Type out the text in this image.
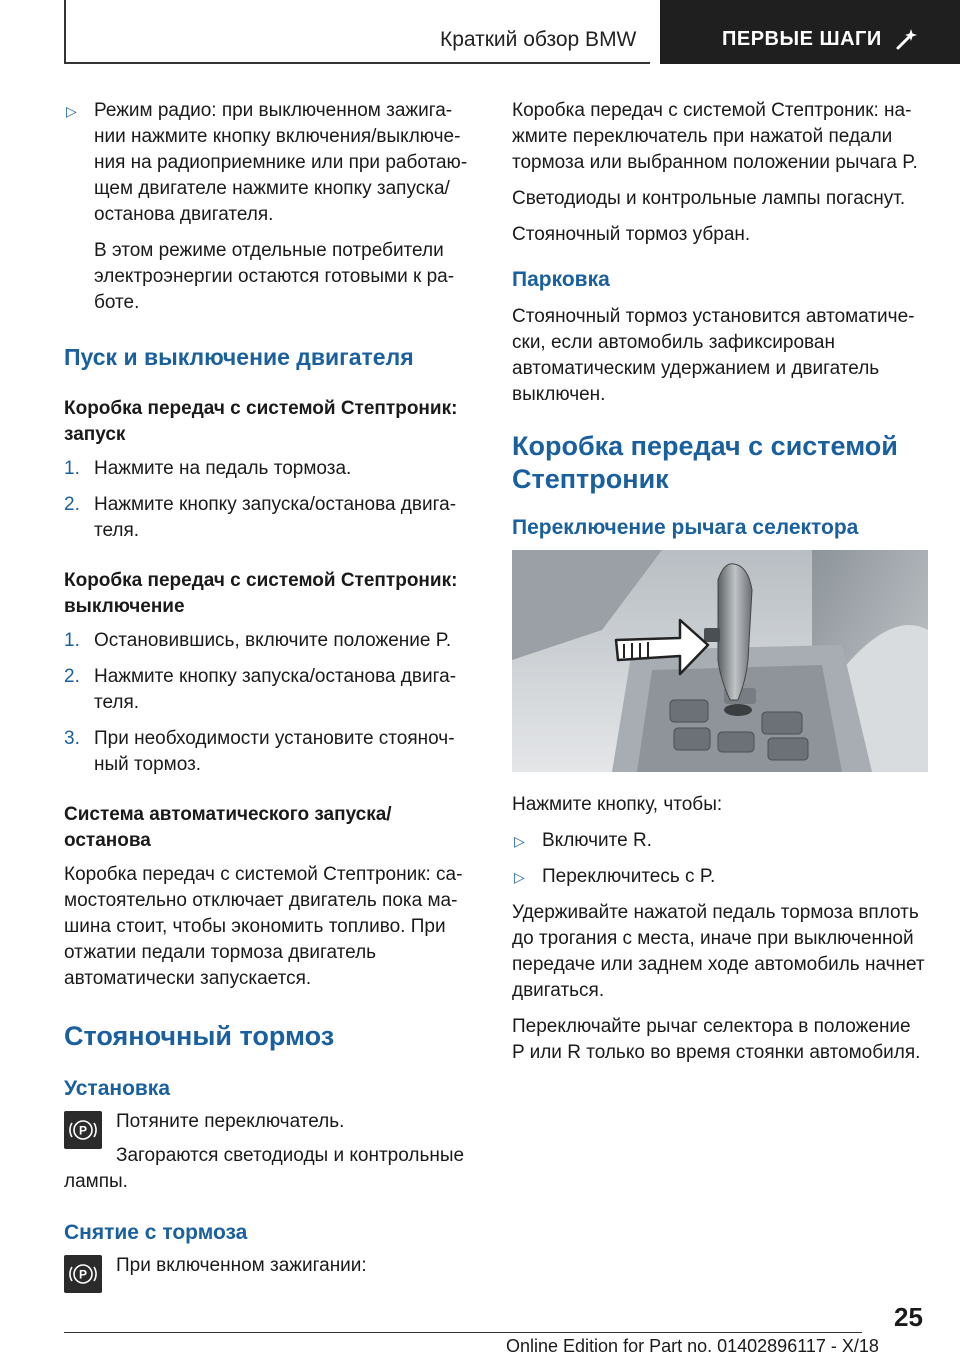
Краткий обзор BMW	ПЕРВЫЕ ШАГИ
▷ Режим радио: при выключенном зажигании нажмите кнопку включения/выключения на радиоприемнике или при работающем двигателе нажмите кнопку запуска/останова двигателя.

В этом режиме отдельные потребители электроэнергии остаются готовыми к работе.

Пуск и выключение двигателя
Коробка передач с системой Стептроник: запуск
1. Нажмите на педаль тормоза.
2. Нажмите кнопку запуска/останова двигателя.
Коробка передач с системой Стептроник: выключение
1. Остановившись, включите положение P.
2. Нажмите кнопку запуска/останова двигателя.
3. При необходимости установите стояночный тормоз.
Система автоматического запуска/останова

Коробка передач с системой Стептроник: самостоятельно отключает двигатель пока машина стоит, чтобы экономить топливо. При отжатии педали тормоза двигатель автоматически запускается.

Стояночный тормоз
Установка
P Потяните переключатель.

Загораются светодиоды и контрольные лампы.

Снятие с тормоза
P При включенном зажигании:

Коробка передач с системой Стептроник: нажмите переключатель при нажатой педали тормоза или выбранном положении рычага P.

Светодиоды и контрольные лампы погаснут.

Стояночный тормоз убран.

Парковка

Стояночный тормоз установится автоматически, если автомобиль зафиксирован автоматическим удержанием и двигатель выключен.

Коробка передач с системой Стептроник
Переключение рычага селектора

Нажмите кнопку, чтобы:

▷ Включите R.
▷ Переключитесь с P.

Удерживайте нажатой педаль тормоза вплоть до трогания с места, иначе при выключенной передаче или заднем ходе автомобиль начнет двигаться.

Переключайте рычаг селектора в положение P или R только во время стоянки автомобиля.

25
Online Edition for Part no. 01402896117 - X/18
